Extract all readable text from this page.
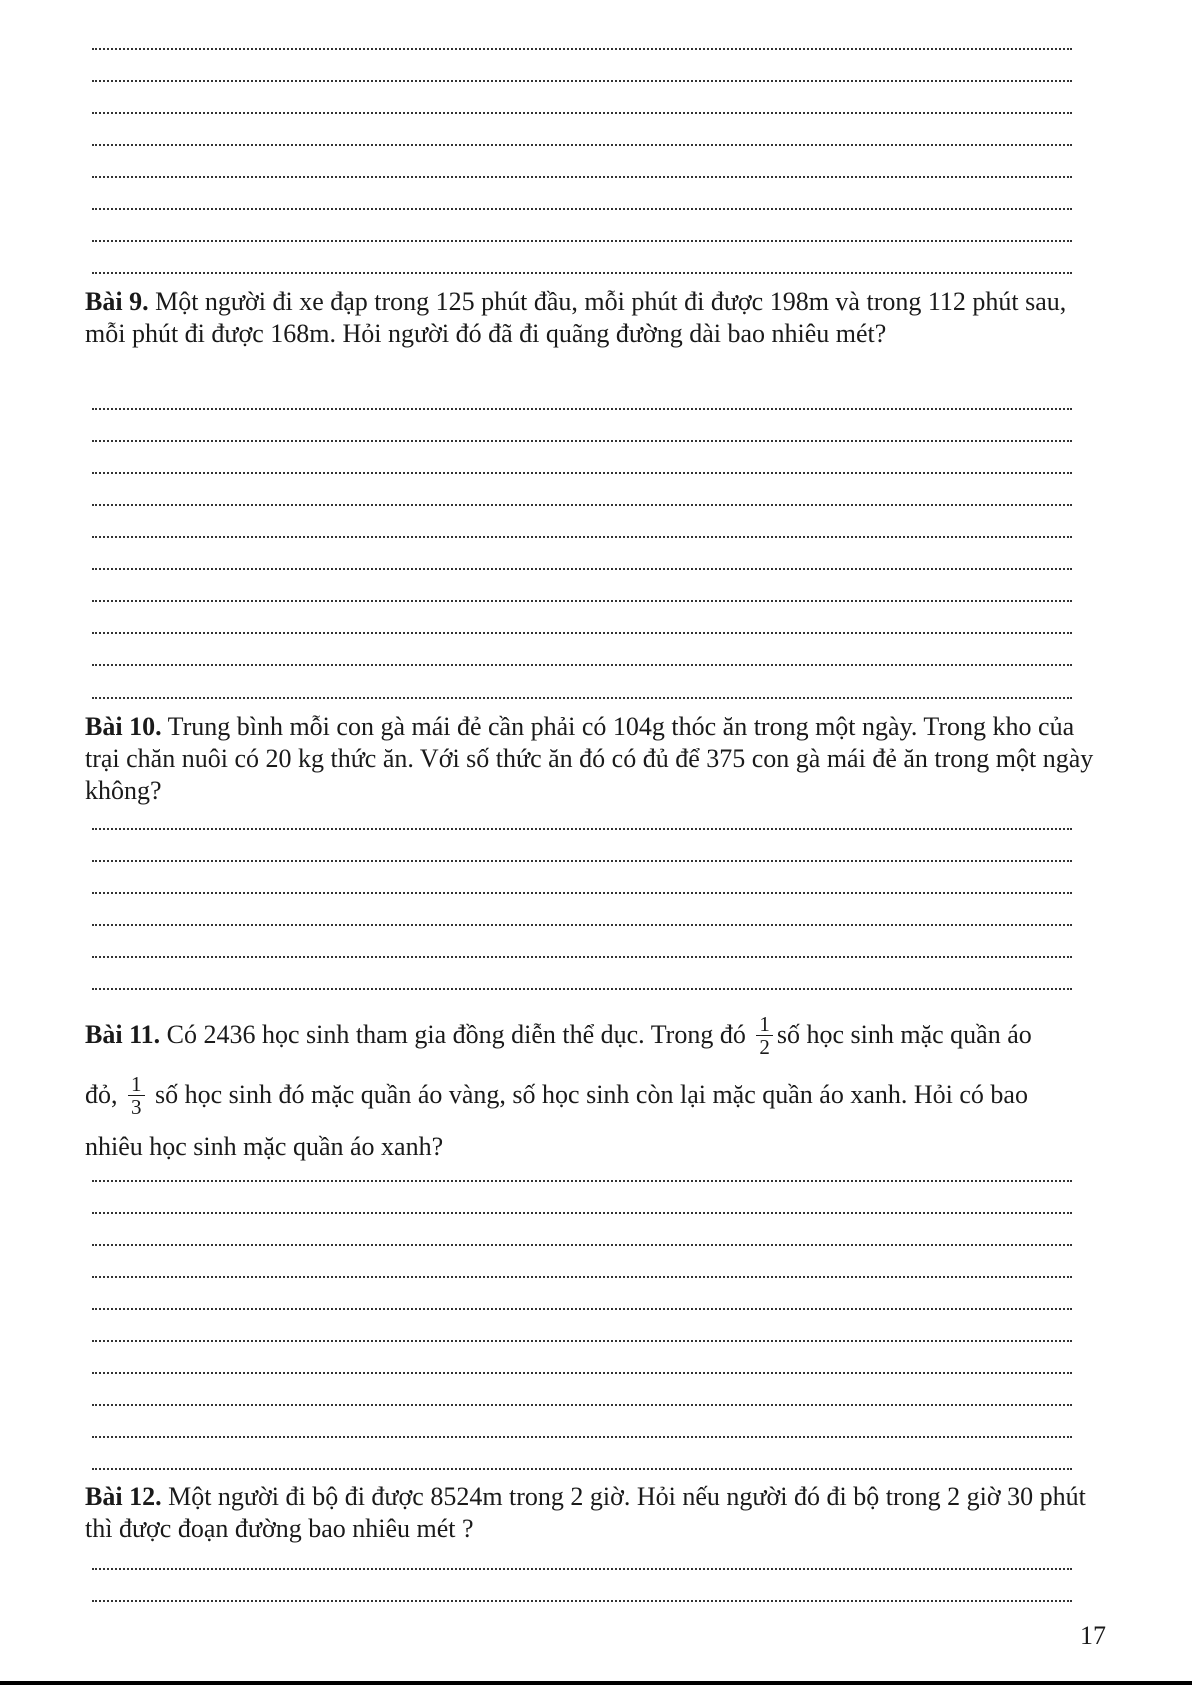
Bài 9. Một người đi xe đạp trong 125 phút đầu, mỗi phút đi được 198m và trong 112 phút sau, mỗi phút đi được 168m. Hỏi người đó đã đi quãng đường dài bao nhiêu mét?

Bài 10. Trung bình mỗi con gà mái đẻ cần phải có 104g thóc ăn trong một ngày. Trong kho của trại chăn nuôi có 20 kg thức ăn. Với số thức ăn đó có đủ để 375 con gà mái đẻ ăn trong một ngày không?

Bài 11. Có 2436 học sinh tham gia đồng diễn thể dục. Trong đó $\frac{1}{2}$ số học sinh mặc quần áo
đỏ, $\frac{1}{3}$ số học sinh đó mặc quần áo vàng, số học sinh còn lại mặc quần áo xanh. Hỏi có bao
nhiêu học sinh mặc quần áo xanh?

Bài 12. Một người đi bộ đi được 8524m trong 2 giờ. Hỏi nếu người đó đi bộ trong 2 giờ 30 phút thì được đoạn đường bao nhiêu mét ?

17
